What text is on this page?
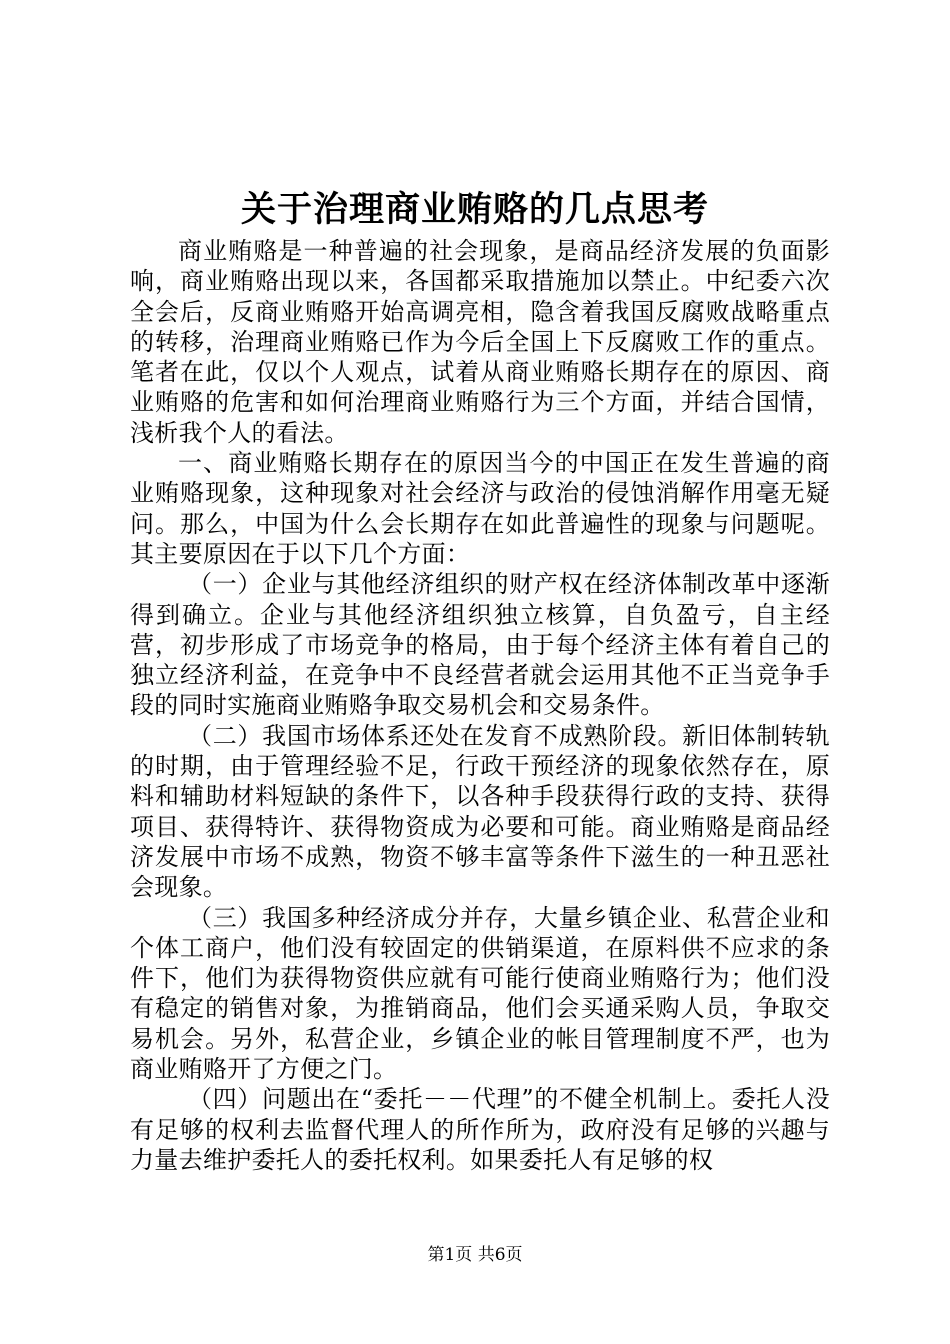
关于治理商业贿赂的几点思考

商业贿赂是一种普遍的社会现象，是商品经济发展的负面影响，商业贿赂出现以来，各国都采取措施加以禁止。中纪委六次全会后，反商业贿赂开始高调亮相，隐含着我国反腐败战略重点的转移，治理商业贿赂已作为今后全国上下反腐败工作的重点。笔者在此，仅以个人观点，试着从商业贿赂长期存在的原因、商业贿赂的危害和如何治理商业贿赂行为三个方面，并结合国情，浅析我个人的看法。

一、商业贿赂长期存在的原因当今的中国正在发生普遍的商业贿赂现象，这种现象对社会经济与政治的侵蚀消解作用毫无疑问。那么，中国为什么会长期存在如此普遍性的现象与问题呢。其主要原因在于以下几个方面：

（一）企业与其他经济组织的财产权在经济体制改革中逐渐得到确立。企业与其他经济组织独立核算，自负盈亏，自主经营，初步形成了市场竞争的格局，由于每个经济主体有着自己的独立经济利益，在竞争中不良经营者就会运用其他不正当竞争手段的同时实施商业贿赂争取交易机会和交易条件。

（二）我国市场体系还处在发育不成熟阶段。新旧体制转轨的时期，由于管理经验不足，行政干预经济的现象依然存在，原料和辅助材料短缺的条件下，以各种手段获得行政的支持、获得项目、获得特许、获得物资成为必要和可能。商业贿赂是商品经济发展中市场不成熟，物资不够丰富等条件下滋生的一种丑恶社会现象。

（三）我国多种经济成分并存，大量乡镇企业、私营企业和个体工商户，他们没有较固定的供销渠道，在原料供不应求的条件下，他们为获得物资供应就有可能行使商业贿赂行为；他们没有稳定的销售对象，为推销商品，他们会买通采购人员，争取交易机会。另外，私营企业，乡镇企业的帐目管理制度不严，也为商业贿赂开了方便之门。

（四）问题出在“委托－－代理”的不健全机制上。委托人没有足够的权利去监督代理人的所作所为，政府没有足够的兴趣与力量去维护委托人的委托权利。如果委托人有足够的权

第1页 共6页
